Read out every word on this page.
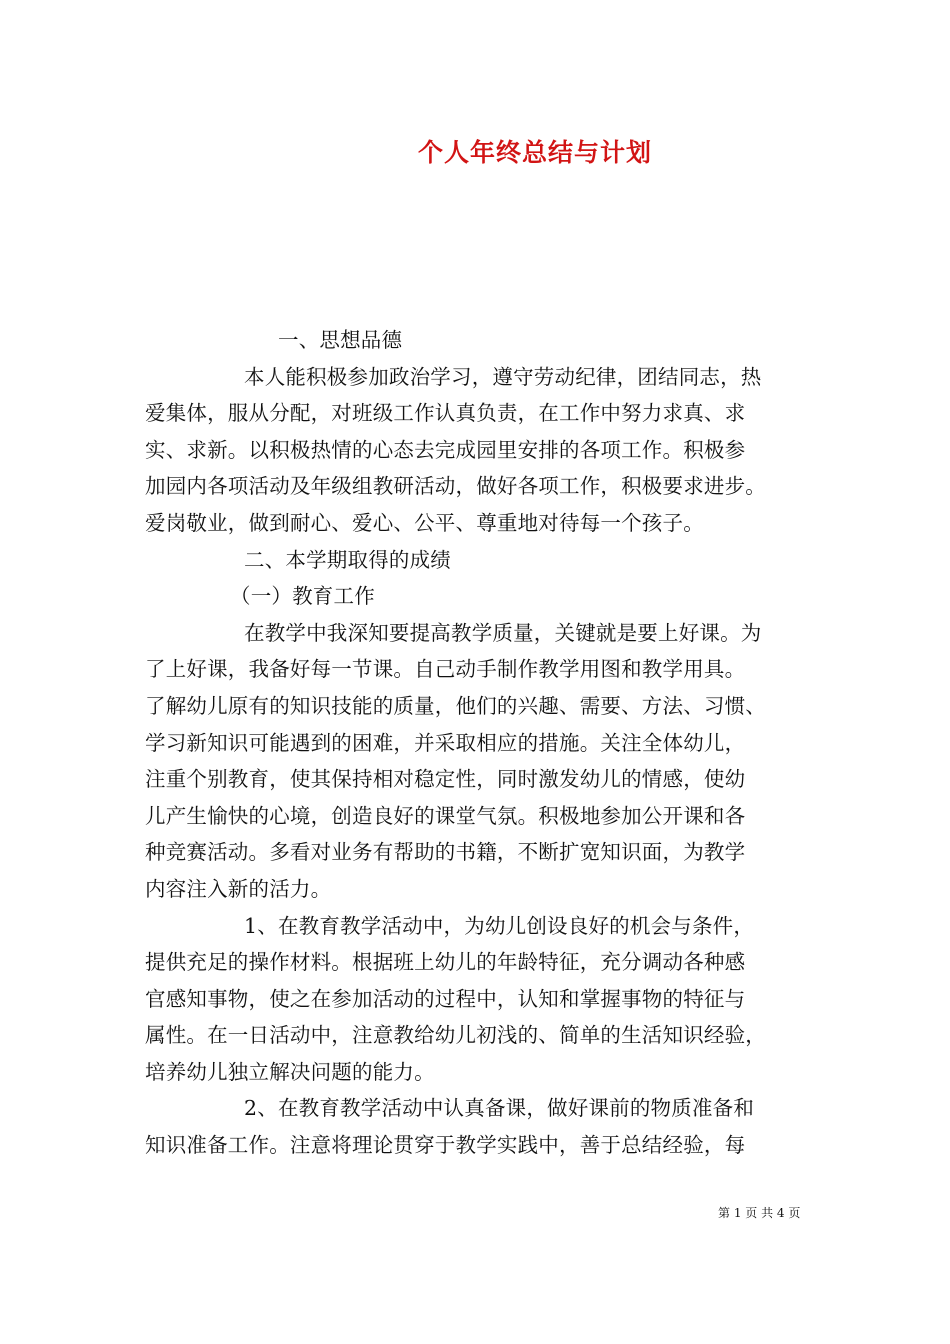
个人年终总结与计划
一、思想品德
本人能积极参加政治学习，遵守劳动纪律，团结同志，热
爱集体，服从分配，对班级工作认真负责，在工作中努力求真、求
实、求新。以积极热情的心态去完成园里安排的各项工作。积极参
加园内各项活动及年级组教研活动，做好各项工作，积极要求进步。
爱岗敬业，做到耐心、爱心、公平、尊重地对待每一个孩子。
二、本学期取得的成绩
（一）教育工作
在教学中我深知要提高教学质量，关键就是要上好课。为
了上好课，我备好每一节课。自己动手制作教学用图和教学用具。
了解幼儿原有的知识技能的质量，他们的兴趣、需要、方法、习惯、
学习新知识可能遇到的困难，并采取相应的措施。关注全体幼儿，
注重个别教育，使其保持相对稳定性，同时激发幼儿的情感，使幼
儿产生愉快的心境，创造良好的课堂气氛。积极地参加公开课和各
种竞赛活动。多看对业务有帮助的书籍，不断扩宽知识面，为教学
内容注入新的活力。
1、在教育教学活动中，为幼儿创设良好的机会与条件，
提供充足的操作材料。根据班上幼儿的年龄特征，充分调动各种感
官感知事物，使之在参加活动的过程中，认知和掌握事物的特征与
属性。在一日活动中，注意教给幼儿初浅的、简单的生活知识经验，
培养幼儿独立解决问题的能力。
2、在教育教学活动中认真备课，做好课前的物质准备和
知识准备工作。注意将理论贯穿于教学实践中，善于总结经验，每
第 1 页 共 4 页
